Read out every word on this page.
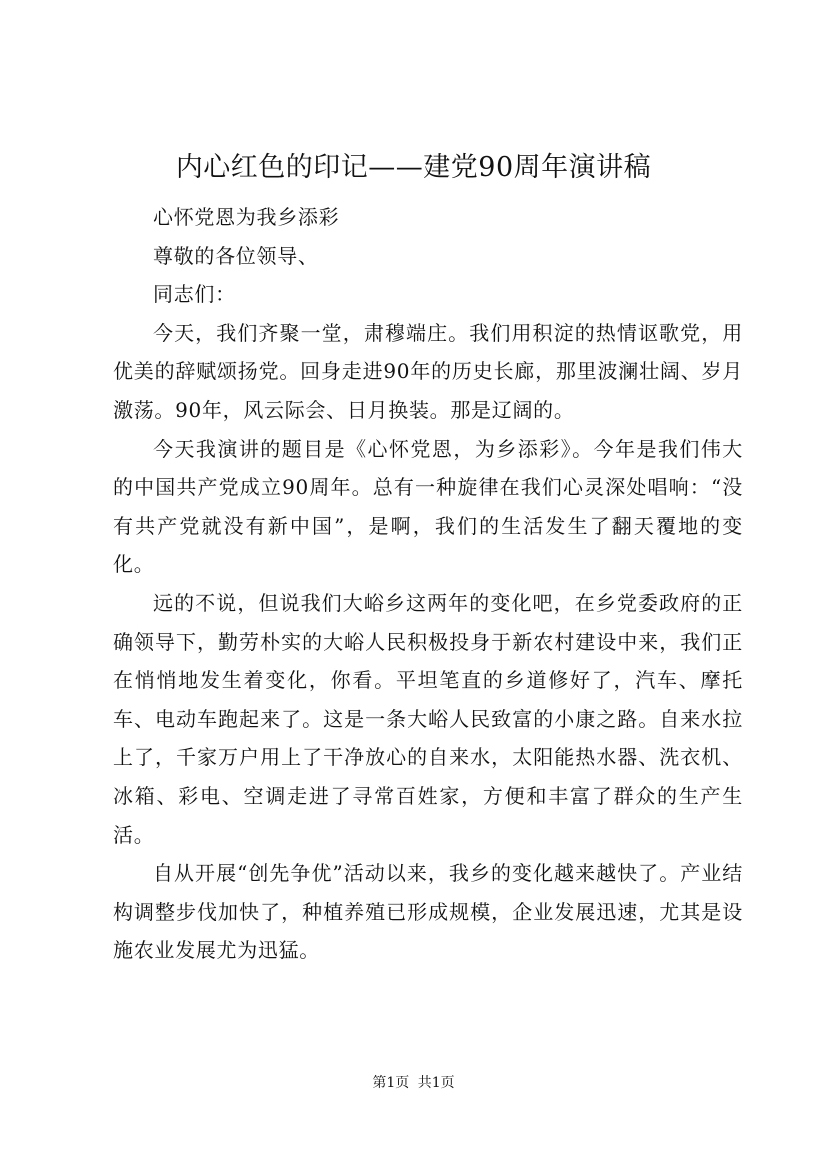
内心红色的印记——建党90周年演讲稿

心怀党恩为我乡添彩

尊敬的各位领导、

同志们：

今天，我们齐聚一堂，肃穆端庄。我们用积淀的热情讴歌党，用优美的辞赋颂扬党。回身走进90年的历史长廊，那里波澜壮阔、岁月激荡。90年，风云际会、日月换装。那是辽阔的。

今天我演讲的题目是《心怀党恩，为乡添彩》。今年是我们伟大的中国共产党成立90周年。总有一种旋律在我们心灵深处唱响：“没有共产党就没有新中国”，是啊，我们的生活发生了翻天覆地的变化。

远的不说，但说我们大峪乡这两年的变化吧，在乡党委政府的正确领导下，勤劳朴实的大峪人民积极投身于新农村建设中来，我们正在悄悄地发生着变化，你看。平坦笔直的乡道修好了，汽车、摩托车、电动车跑起来了。这是一条大峪人民致富的小康之路。自来水拉上了，千家万户用上了干净放心的自来水，太阳能热水器、洗衣机、冰箱、彩电、空调走进了寻常百姓家，方便和丰富了群众的生产生活。

自从开展“创先争优”活动以来，我乡的变化越来越快了。产业结构调整步伐加快了，种植养殖已形成规模，企业发展迅速，尤其是设施农业发展尤为迅猛。

第1页 共1页
